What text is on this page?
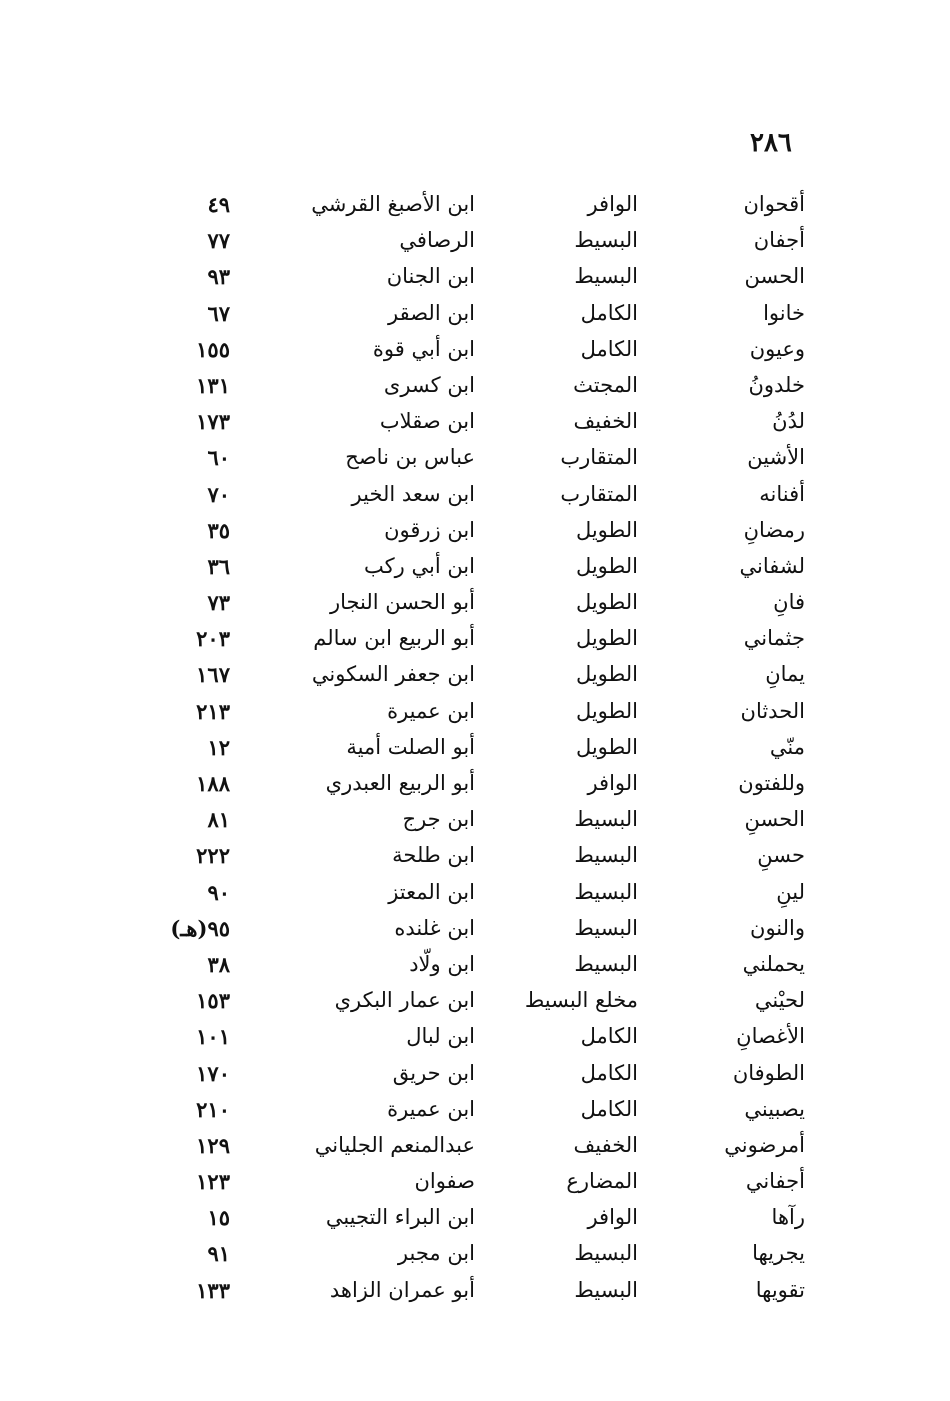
٢٨٦
أقحوان
الوافر
ابن الأصبغ القرشي
٤٩
أجفان
البسيط
الرصافي
٧٧
الحسن
البسيط
ابن الجنان
٩٣
خانوا
الكامل
ابن الصقر
٦٧
وعيون
الكامل
ابن أبي قوة
١٥٥
خلدونُ
المجتث
ابن كسرى
١٣١
لدُنُ
الخفيف
ابن صقلاب
١٧٣
الأشين
المتقارب
عباس بن ناصح
٦٠
أفنانه
المتقارب
ابن سعد الخير
٧٠
رمضانِ
الطويل
ابن زرقون
٣٥
لشفاني
الطويل
ابن أبي ركب
٣٦
فانِ
الطويل
أبو الحسن النجار
٧٣
جثماني
الطويل
أبو الربيع ابن سالم
٢٠٣
يمانِ
الطويل
ابن جعفر السكوني
١٦٧
الحدثان
الطويل
ابن عميرة
٢١٣
منّي
الطويل
أبو الصلت أمية
١٢
وللفتون
الوافر
أبو الربيع العبدري
١٨٨
الحسنِ
البسيط
ابن جرج
٨١
حسنِ
البسيط
ابن طلحة
٢٢٢
لينِ
البسيط
ابن المعتز
٩٠
والنون
البسيط
ابن غلنده
٩٥(هـ)
يحملني
البسيط
ابن ولّاد
٣٨
لحيْني
مخلع البسيط
ابن عمار البكري
١٥٣
الأغصانِ
الكامل
ابن لبال
١٠١
الطوفان
الكامل
ابن حريق
١٧٠
يصبيني
الكامل
ابن عميرة
٢١٠
أمرضوني
الخفيف
عبدالمنعم الجلياني
١٢٩
أجفاني
المضارع
صفوان
١٢٣
رآها
الوافر
ابن البراء التجيبي
١٥
يجريها
البسيط
ابن مجبر
٩١
تقويها
البسيط
أبو عمران الزاهد
١٣٣
